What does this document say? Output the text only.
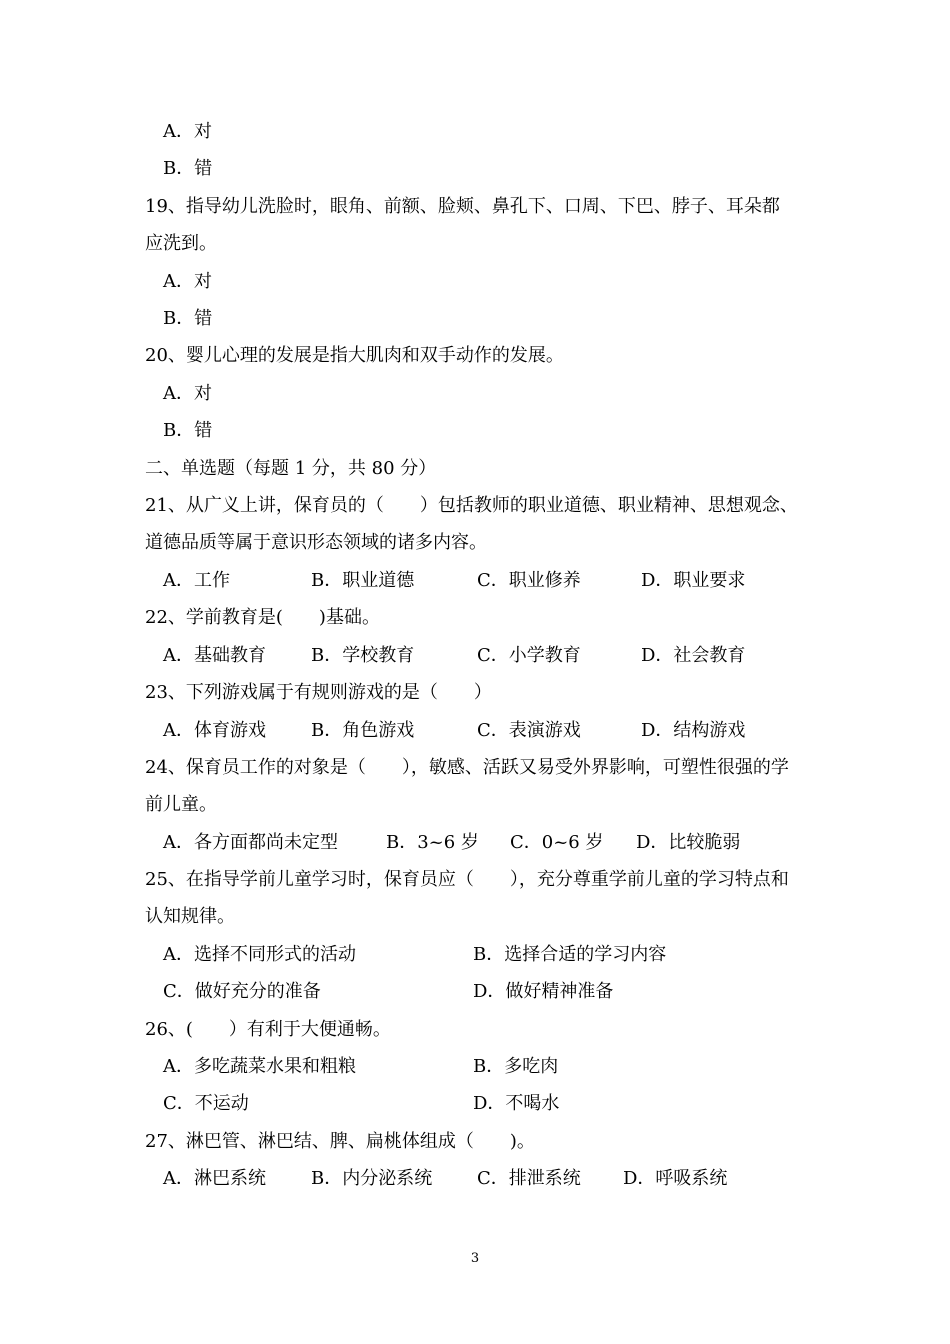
A．对
B．错
19、指导幼儿洗脸时，眼角、前额、脸颊、鼻孔下、口周、下巴、脖子、耳朵都
应洗到。
A．对
B．错
20、婴儿心理的发展是指大肌肉和双手动作的发展。
A．对
B．错
二、单选题（每题 1 分，共 80 分）
21、从广义上讲，保育员的（　　）包括教师的职业道德、职业精神、思想观念、
道德品质等属于意识形态领域的诸多内容。
A．工作	B．职业道德	C．职业修养	D．职业要求
22、学前教育是(　　)基础。
A．基础教育	B．学校教育	C．小学教育	D．社会教育
23、下列游戏属于有规则游戏的是（　　）
A．体育游戏	B．角色游戏	C．表演游戏	D．结构游戏
24、保育员工作的对象是（　　），敏感、活跃又易受外界影响，可塑性很强的学
前儿童。
A．各方面都尚未定型	B．3~6 岁 C．0~6 岁 D．比较脆弱
25、在指导学前儿童学习时，保育员应（　　），充分尊重学前儿童的学习特点和
认知规律。
A．选择不同形式的活动	B．选择合适的学习内容
C．做好充分的准备	D．做好精神准备
26、(　　）有利于大便通畅。
A．多吃蔬菜水果和粗粮	B．多吃肉
C．不运动	D．不喝水
27、淋巴管、淋巴结、脾、扁桃体组成（　　)。
A．淋巴系统	B．内分泌系统 C．排泄系统 D．呼吸系统
3
